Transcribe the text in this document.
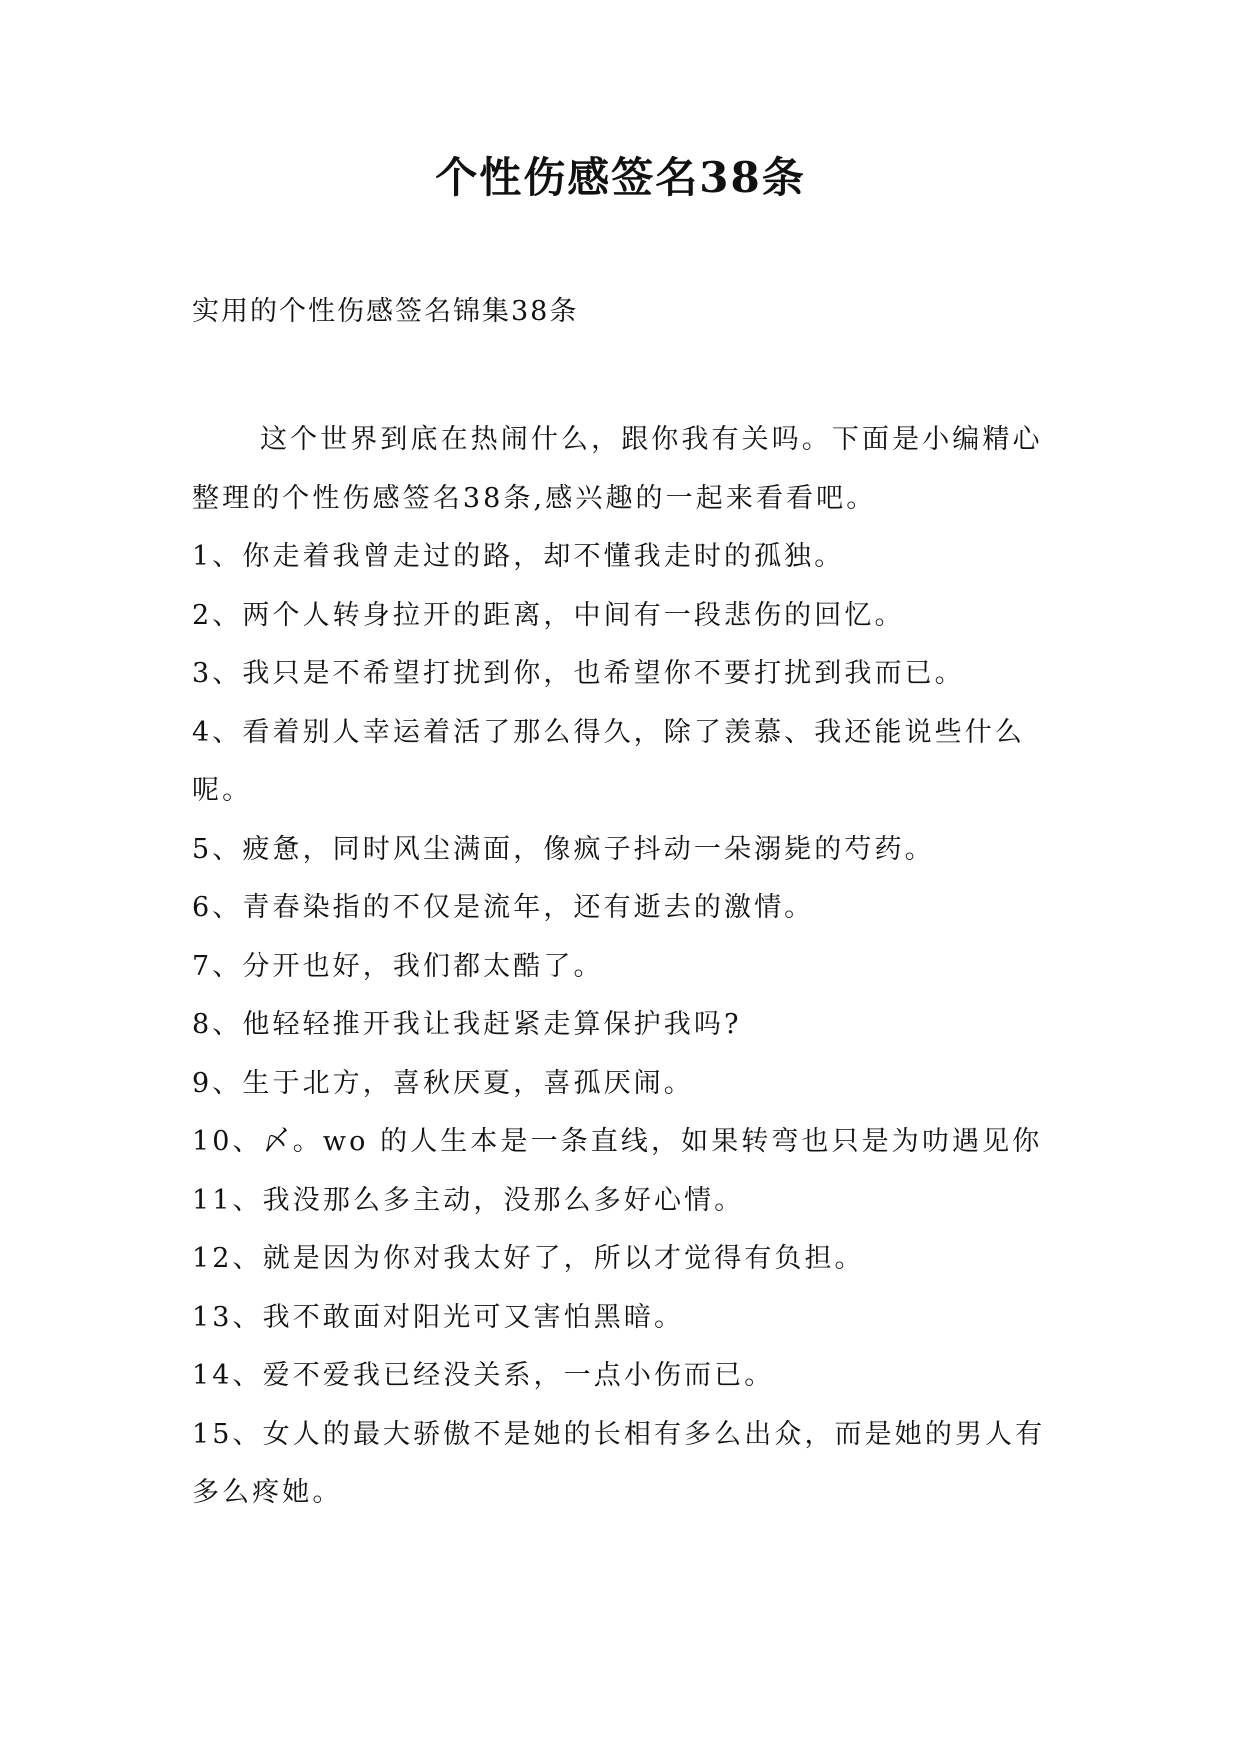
个性伤感签名38条
实用的个性伤感签名锦集38条

这个世界到底在热闹什么，跟你我有关吗。下面是小编精心整理的个性伤感签名38条,感兴趣的一起来看看吧。

1、你走着我曾走过的路，却不懂我走时的孤独。

2、两个人转身拉开的距离，中间有一段悲伤的回忆。

3、我只是不希望打扰到你，也希望你不要打扰到我而已。

4、看着别人幸运着活了那么得久，除了羡慕、我还能说些什么呢。

5、疲惫，同时风尘满面，像疯子抖动一朵溺毙的芍药。

6、青春染指的不仅是流年，还有逝去的激情。

7、分开也好，我们都太酷了。

8、他轻轻推开我让我赶紧走算保护我吗?

9、生于北方，喜秋厌夏，喜孤厌闹。

10、〆。wo 的人生本是一条直线，如果转弯也只是为叻遇见你

11、我没那么多主动，没那么多好心情。

12、就是因为你对我太好了，所以才觉得有负担。

13、我不敢面对阳光可又害怕黑暗。

14、爱不爱我已经没关系，一点小伤而已。

15、女人的最大骄傲不是她的长相有多么出众，而是她的男人有多么疼她。
